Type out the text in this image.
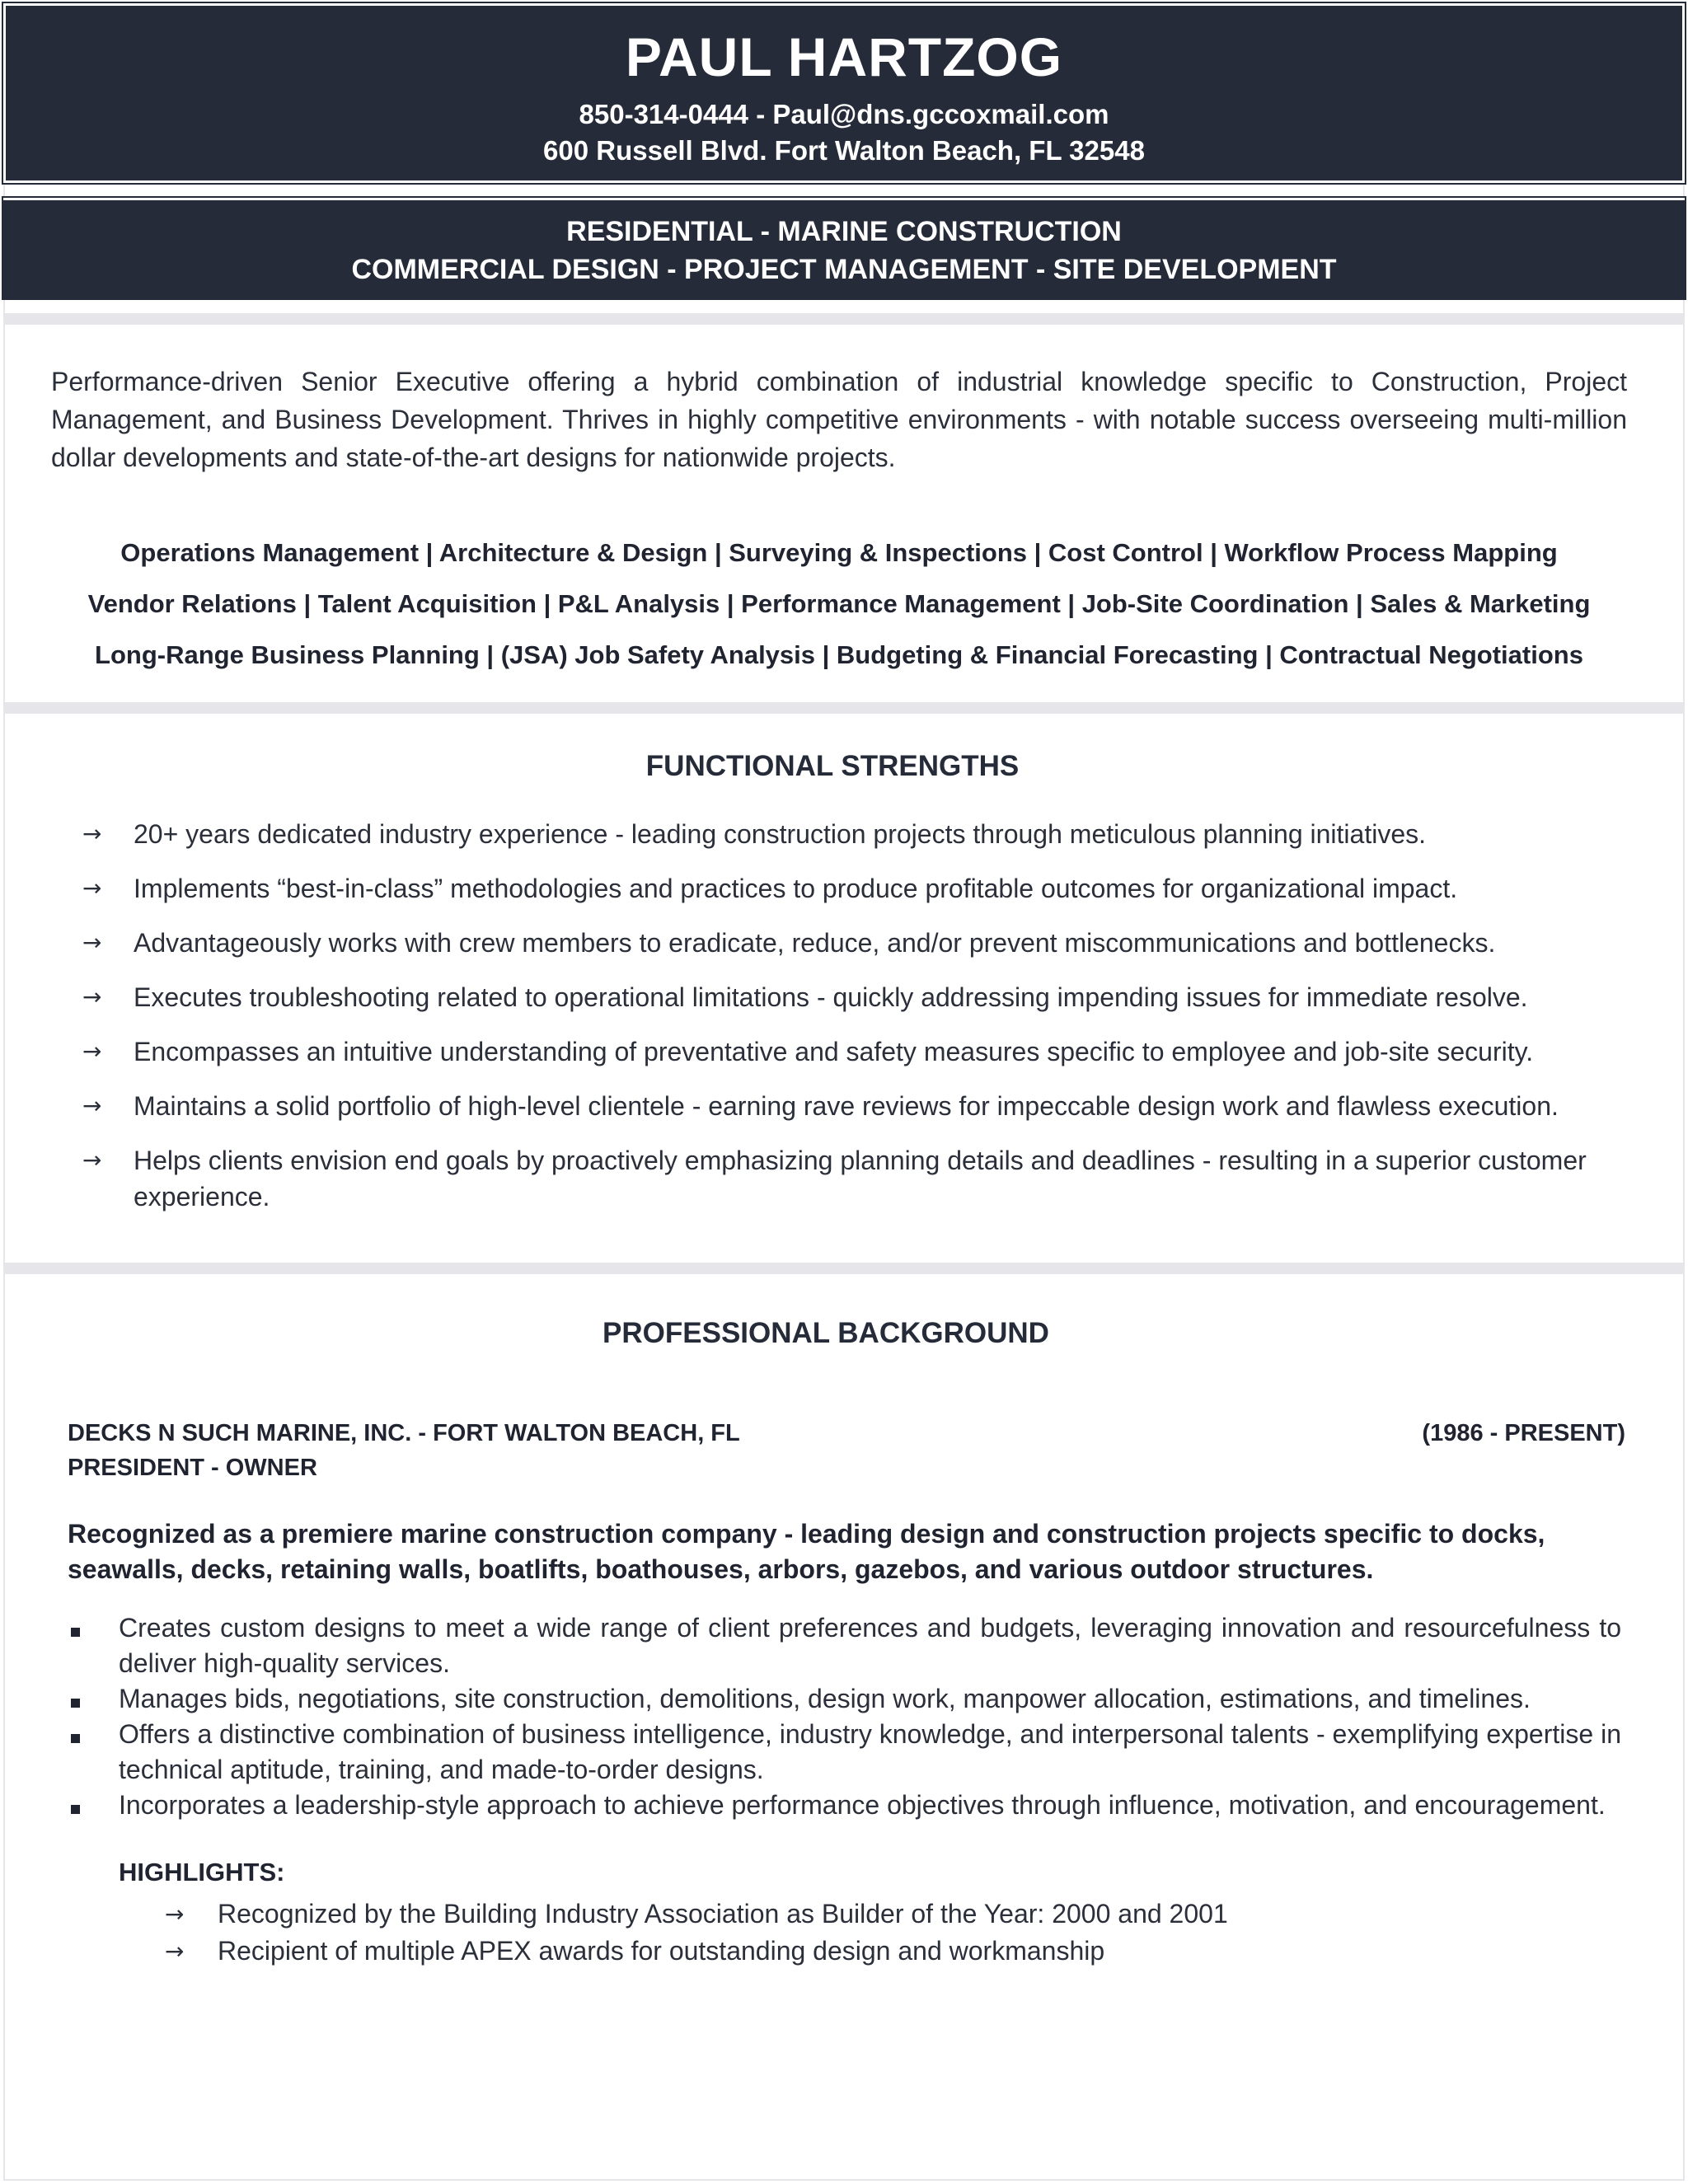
PAUL HARTZOG
850-314-0444 - Paul@dns.gccoxmail.com
600 Russell Blvd. Fort Walton Beach, FL 32548
RESIDENTIAL - MARINE CONSTRUCTION
COMMERCIAL DESIGN - PROJECT MANAGEMENT - SITE DEVELOPMENT
Performance-driven Senior Executive offering a hybrid combination of industrial knowledge specific to Construction, Project Management, and Business Development. Thrives in highly competitive environments - with notable success overseeing multi-million dollar developments and state-of-the-art designs for nationwide projects.
Operations Management | Architecture & Design | Surveying & Inspections | Cost Control | Workflow Process Mapping
Vendor Relations | Talent Acquisition | P&L Analysis | Performance Management | Job-Site Coordination | Sales & Marketing
Long-Range Business Planning | (JSA) Job Safety Analysis | Budgeting & Financial Forecasting | Contractual Negotiations
FUNCTIONAL STRENGTHS
→	20+ years dedicated industry experience - leading construction projects through meticulous planning initiatives.
→	Implements “best-in-class” methodologies and practices to produce profitable outcomes for organizational impact.
→	Advantageously works with crew members to eradicate, reduce, and/or prevent miscommunications and bottlenecks.
→	Executes troubleshooting related to operational limitations - quickly addressing impending issues for immediate resolve.
→	Encompasses an intuitive understanding of preventative and safety measures specific to employee and job-site security.
→	Maintains a solid portfolio of high-level clientele - earning rave reviews for impeccable design work and flawless execution.
→	Helps clients envision end goals by proactively emphasizing planning details and deadlines - resulting in a superior customer experience.
PROFESSIONAL BACKGROUND
DECKS N SUCH MARINE, INC. - FORT WALTON BEACH, FL	(1986 - PRESENT)
PRESIDENT - OWNER
Recognized as a premiere marine construction company - leading design and construction projects specific to docks, seawalls, decks, retaining walls, boatlifts, boathouses, arbors, gazebos, and various outdoor structures.
Creates custom designs to meet a wide range of client preferences and budgets, leveraging innovation and resourcefulness to deliver high-quality services.
Manages bids, negotiations, site construction, demolitions, design work, manpower allocation, estimations, and timelines.
Offers a distinctive combination of business intelligence, industry knowledge, and interpersonal talents - exemplifying expertise in technical aptitude, training, and made-to-order designs.
Incorporates a leadership-style approach to achieve performance objectives through influence, motivation, and encouragement.
HIGHLIGHTS:
→	Recognized by the Building Industry Association as Builder of the Year: 2000 and 2001
→	Recipient of multiple APEX awards for outstanding design and workmanship
